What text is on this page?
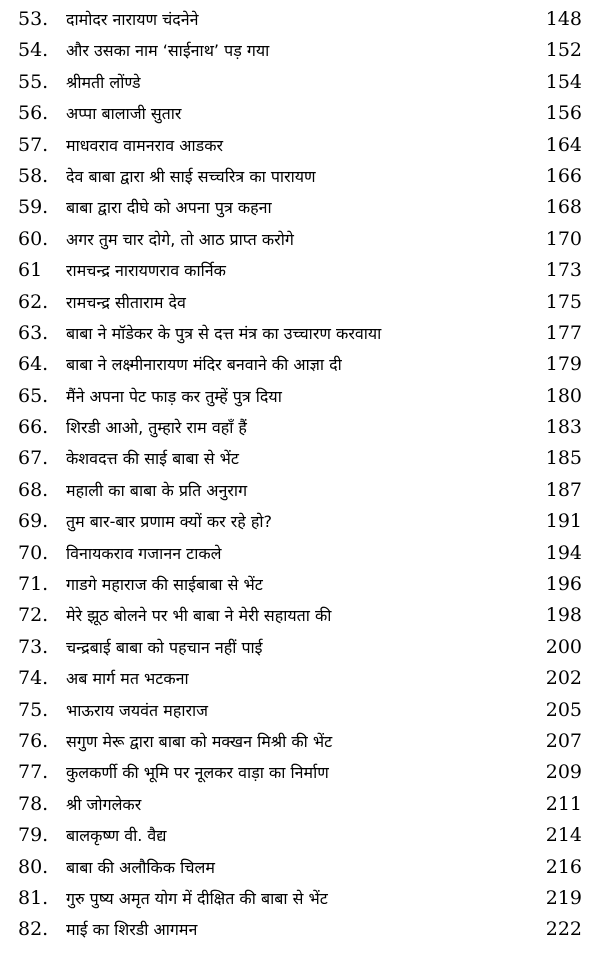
53.	दामोदर नारायण चंदनेने	148
54.	और उसका नाम ‘साईनाथ’ पड़ गया	152
55.	श्रीमती लोंण्डे	154
56.	अप्पा बालाजी सुतार	156
57.	माधवराव वामनराव आडकर	164
58.	देव बाबा द्वारा श्री साई सच्चरित्र का पारायण	166
59.	बाबा द्वारा दीघे को अपना पुत्र कहना	168
60.	अगर तुम चार दोगे, तो आठ प्राप्त करोगे	170
61	रामचन्द्र नारायणराव कार्निक	173
62.	रामचन्द्र सीताराम देव	175
63.	बाबा ने मॉडेकर के पुत्र से दत्त मंत्र का उच्चारण करवाया	177
64.	बाबा ने लक्ष्मीनारायण मंदिर बनवाने की आज्ञा दी	179
65.	मैंने अपना पेट फाड़ कर तुम्हें पुत्र दिया	180
66.	शिरडी आओ, तुम्हारे राम वहाँ हैं	183
67.	केशवदत्त की साई बाबा से भेंट	185
68.	महाली का बाबा के प्रति अनुराग	187
69.	तुम बार-बार प्रणाम क्यों कर रहे हो?	191
70.	विनायकराव गजानन टाकले	194
71.	गाडगे महाराज की साईबाबा से भेंट	196
72.	मेरे झूठ बोलने पर भी बाबा ने मेरी सहायता की	198
73.	चन्द्रबाई बाबा को पहचान नहीं पाई	200
74.	अब मार्ग मत भटकना	202
75.	भाऊराय जयवंत महाराज	205
76.	सगुण मेरू द्वारा बाबा को मक्खन मिश्री की भेंट	207
77.	कुलकर्णी की भूमि पर नूलकर वाड़ा का निर्माण	209
78.	श्री जोगलेकर	211
79.	बालकृष्ण वी. वैद्य	214
80.	बाबा की अलौकिक चिलम	216
81.	गुरु पुष्य अमृत योग में दीक्षित की बाबा से भेंट	219
82.	माई का शिरडी आगमन	222
